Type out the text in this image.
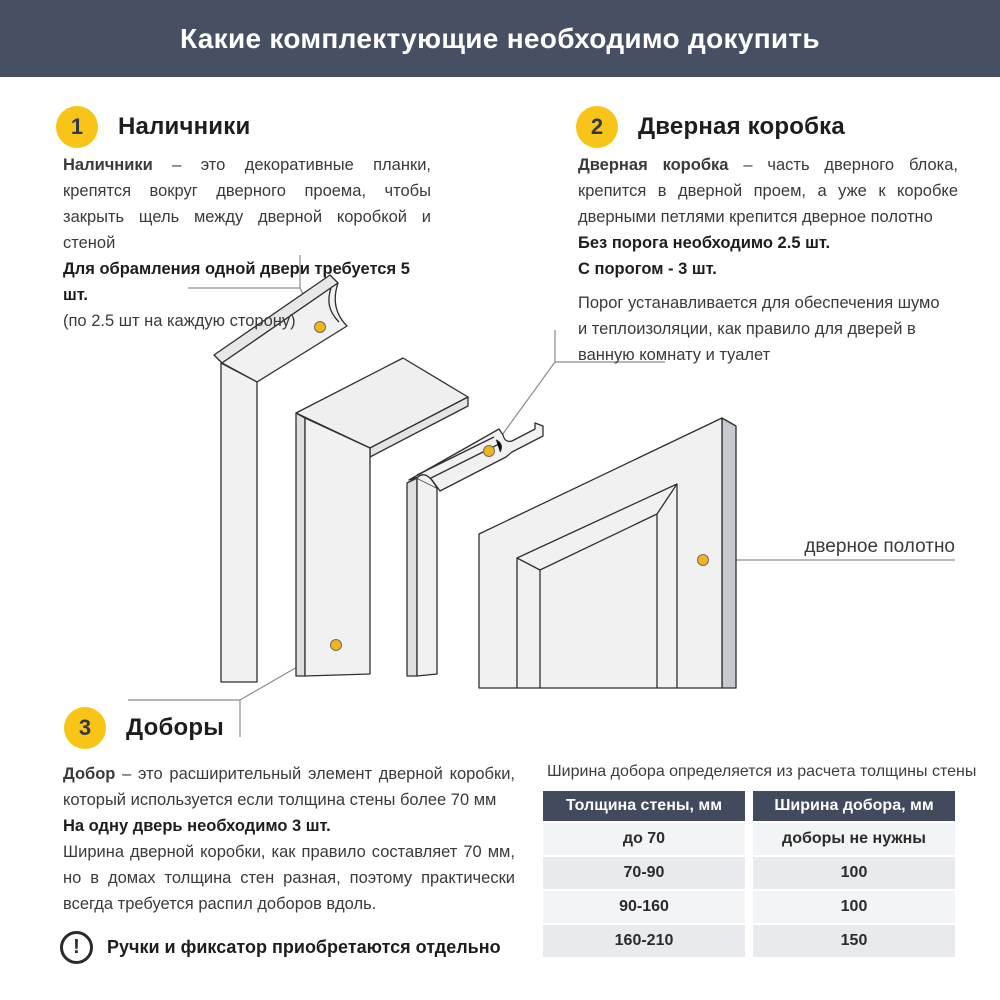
Какие комплектующие необходимо докупить
дверное полотно
1	Наличники

Наличники – это декоративные планки, крепятся вокруг дверного проема, чтобы закрыть щель между дверной коробкой и стеной

Для обрамления одной двери требуется 5 шт.

(по 2.5 шт на каждую сторону)

2	Дверная коробка

Дверная коробка – часть дверного блока, крепится в дверной проем, а уже к коробке дверными петлями крепится дверное полотно

Без порога необходимо 2.5 шт.

С порогом - 3 шт.

Порог устанавливается для обеспечения шумо и теплоизоляции, как правило для дверей в ванную комнату и туалет

3	Доборы

Добор – это расширительный элемент дверной коробки, который используется если толщина стены более 70 мм

На одну дверь необходимо 3 шт.

Ширина дверной коробки, как правило составляет 70 мм, но в домах толщина стен разная, поэтому практически всегда требуется распил доборов вдоль.

!	Ручки и фиксатор приобретаются отдельно
Ширина добора определяется из расчета толщины стены
Толщина стены, мм	Ширина добора, мм
до 70	доборы не нужны
70-90	100
90-160	100
160-210	150
